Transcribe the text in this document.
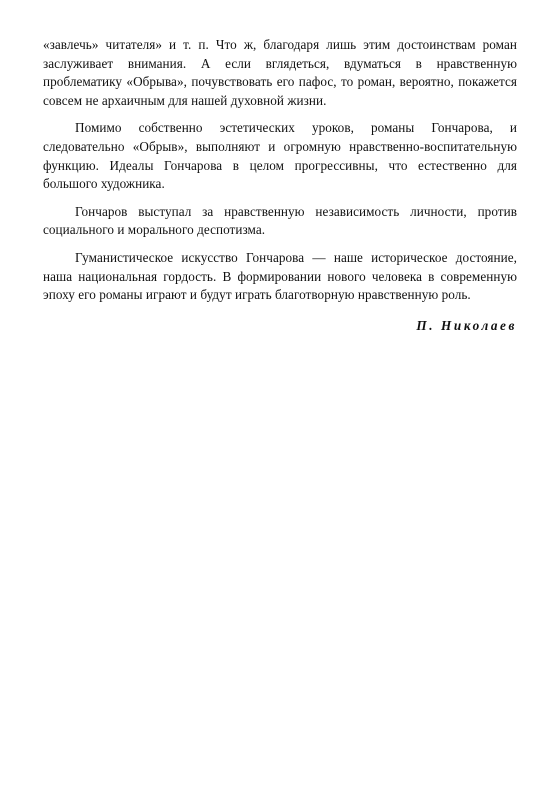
«завлечь» читателя» и т. п. Что ж, благодаря лишь этим достоинствам роман заслуживает внимания. А если вглядеться, вдуматься в нравственную проблематику «Обрыва», почувствовать его пафос, то роман, вероятно, покажется совсем не архаичным для нашей духовной жизни.

Помимо собственно эстетических уроков, романы Гончарова, и следовательно «Обрыв», выполняют и огромную нравственно-воспитательную функцию. Идеалы Гончарова в целом прогрессивны, что естественно для большого художника.

Гончаров выступал за нравственную независимость личности, против социального и морального деспотизма.

Гуманистическое искусство Гончарова — наше историческое достояние, наша национальная гордость. В формировании нового человека в современную эпоху его романы играют и будут играть благотворную нравственную роль.

П. Николаев
